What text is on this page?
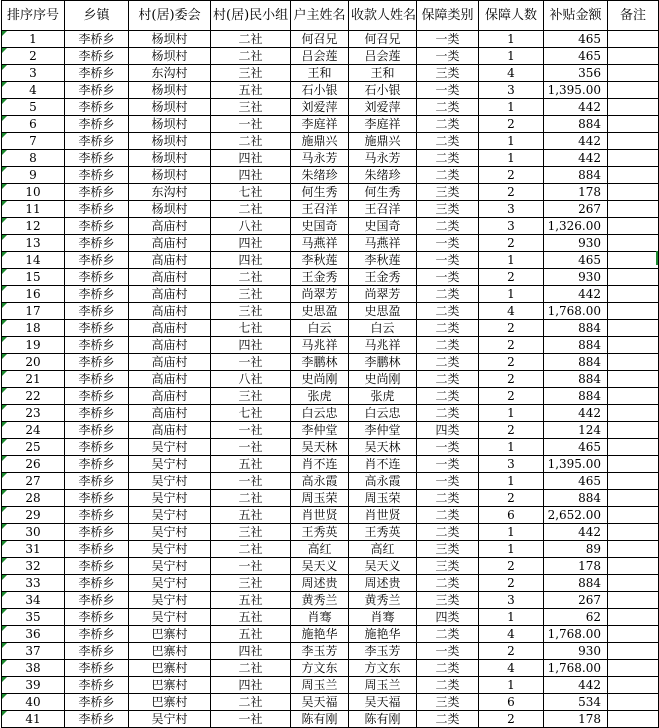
排序序号	乡镇	村(居)委会	村(居)民小组	户主姓名	收款人姓名	保障类别	保障人数	补贴金额	备注
1	李桥乡	杨坝村	二社	何召兄	何召兄	一类	1	465	
2	李桥乡	杨坝村	二社	吕会莲	吕会莲	一类	1	465	
3	李桥乡	东沟村	三社	王和	王和	三类	4	356	
4	李桥乡	杨坝村	五社	石小银	石小银	一类	3	1,395.00	
5	李桥乡	杨坝村	三社	刘爱萍	刘爱萍	二类	1	442	
6	李桥乡	杨坝村	一社	李庭祥	李庭祥	二类	2	884	
7	李桥乡	杨坝村	二社	施鼎兴	施鼎兴	二类	1	442	
8	李桥乡	杨坝村	四社	马永芳	马永芳	二类	1	442	
9	李桥乡	杨坝村	四社	朱绪珍	朱绪珍	二类	2	884	
10	李桥乡	东沟村	七社	何生秀	何生秀	三类	2	178	
11	李桥乡	杨坝村	二社	王召洋	王召洋	三类	3	267	
12	李桥乡	高庙村	八社	史国奇	史国奇	二类	3	1,326.00	
13	李桥乡	高庙村	四社	马燕祥	马燕祥	一类	2	930	
14	李桥乡	高庙村	四社	李秋莲	李秋莲	一类	1	465	
15	李桥乡	高庙村	二社	王金秀	王金秀	一类	2	930	
16	李桥乡	高庙村	三社	尚翠芳	尚翠芳	二类	1	442	
17	李桥乡	高庙村	三社	史思盈	史思盈	二类	4	1,768.00	
18	李桥乡	高庙村	七社	白云	白云	二类	2	884	
19	李桥乡	高庙村	四社	马兆祥	马兆祥	二类	2	884	
20	李桥乡	高庙村	一社	李鹏林	李鹏林	二类	2	884	
21	李桥乡	高庙村	八社	史尚刚	史尚刚	二类	2	884	
22	李桥乡	高庙村	三社	张虎	张虎	二类	2	884	
23	李桥乡	高庙村	七社	白云忠	白云忠	二类	1	442	
24	李桥乡	高庙村	一社	李仲堂	李仲堂	四类	2	124	
25	李桥乡	吴宁村	一社	吴天林	吴天林	一类	1	465	
26	李桥乡	吴宁村	五社	肖不连	肖不连	一类	3	1,395.00	
27	李桥乡	吴宁村	一社	高永霞	高永霞	一类	1	465	
28	李桥乡	吴宁村	二社	周玉荣	周玉荣	二类	2	884	
29	李桥乡	吴宁村	五社	肖世贤	肖世贤	二类	6	2,652.00	
30	李桥乡	吴宁村	三社	王秀英	王秀英	二类	1	442	
31	李桥乡	吴宁村	二社	高红	高红	三类	1	89	
32	李桥乡	吴宁村	一社	吴天义	吴天义	三类	2	178	
33	李桥乡	吴宁村	三社	周述贵	周述贵	二类	2	884	
34	李桥乡	吴宁村	五社	黄秀兰	黄秀兰	三类	3	267	
35	李桥乡	吴宁村	五社	肖骞	肖骞	四类	1	62	
36	李桥乡	巴寨村	五社	施艳华	施艳华	二类	4	1,768.00	
37	李桥乡	巴寨村	四社	李玉芳	李玉芳	一类	2	930	
38	李桥乡	巴寨村	二社	方文东	方文东	二类	4	1,768.00	
39	李桥乡	巴寨村	四社	周玉兰	周玉兰	二类	1	442	
40	李桥乡	巴寨村	二社	吴天福	吴天福	三类	6	534	
41	李桥乡	吴宁村	一社	陈有刚	陈有刚	二类	2	178	
